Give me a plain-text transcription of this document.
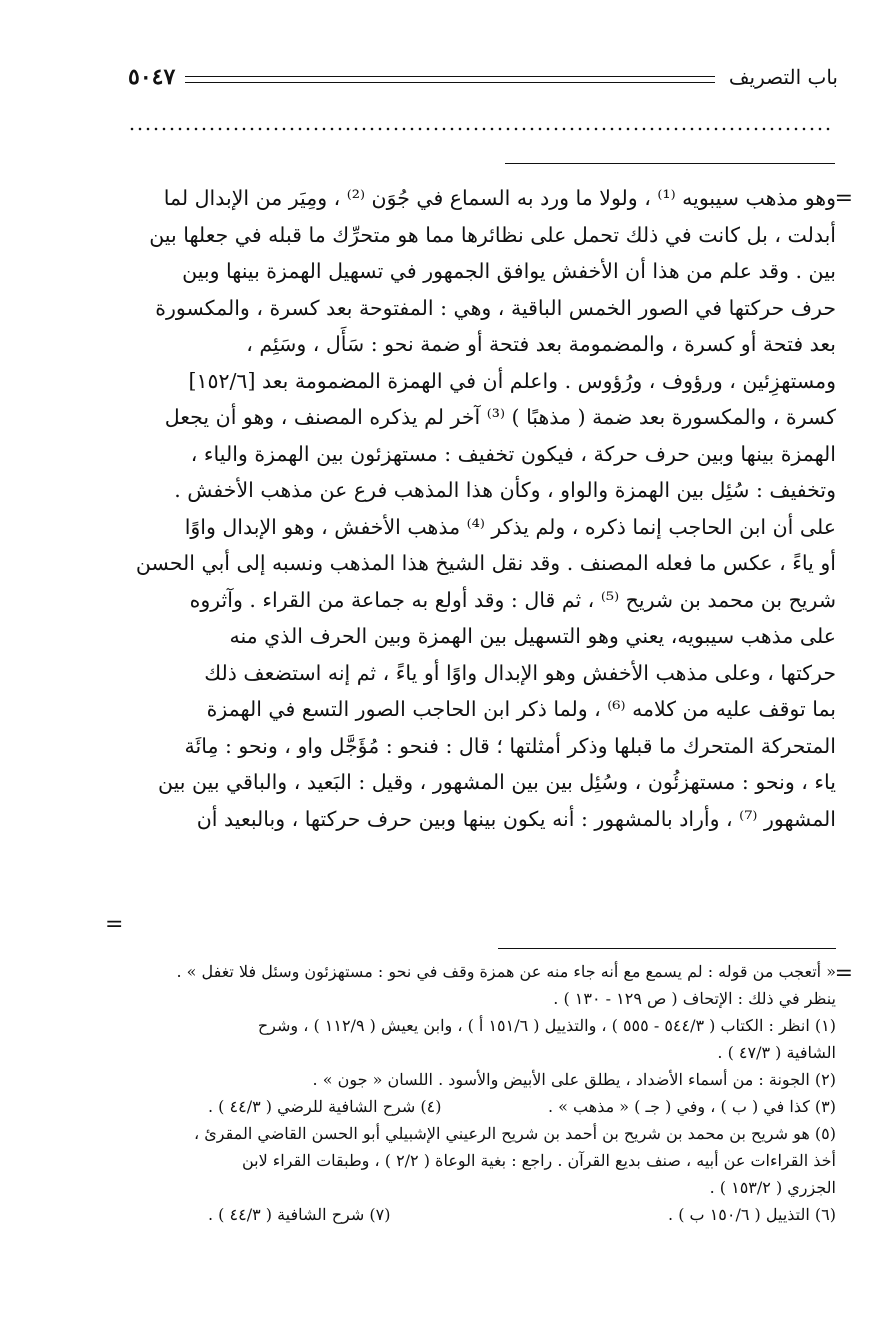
باب التصريف
٥٠٤٧
=

وهو مذهب سيبويه ⁽¹⁾ ، ولولا ما ورد به السماع في جُوَن ⁽²⁾ ، ومِيَر من الإبدال لما

أبدلت ، بل كانت في ذلك تحمل على نظائرها مما هو متحرِّك ما قبله في جعلها بين

بين . وقد علم من هذا أن الأخفش يوافق الجمهور في تسهيل الهمزة بينها وبين

حرف حركتها في الصور الخمس الباقية ، وهي : المفتوحة بعد كسرة ، والمكسورة

بعد فتحة أو كسرة ، والمضمومة بعد فتحة أو ضمة نحو : سَأَل ، وسَئِم ،

ومستهزِئين ، ورؤوف ، ورُؤوس . واعلم أن في الهمزة المضمومة بعد [١٥٢/٦]

كسرة ، والمكسورة بعد ضمة ( مذهبًا ) ⁽³⁾ آخر لم يذكره المصنف ، وهو أن يجعل

الهمزة بينها وبين حرف حركة ، فيكون تخفيف : مستهزئون بين الهمزة والياء ،

وتخفيف : سُئِل بين الهمزة والواو ، وكأن هذا المذهب فرع عن مذهب الأخفش .

على أن ابن الحاجب إنما ذكره ، ولم يذكر ⁽⁴⁾ مذهب الأخفش ، وهو الإبدال واوًا

أو ياءً ، عكس ما فعله المصنف . وقد نقل الشيخ هذا المذهب ونسبه إلى أبي الحسن

شريح بن محمد بن شريح ⁽⁵⁾ ، ثم قال : وقد أولع به جماعة من القراء . وآثروه

على مذهب سيبويه، يعني وهو التسهيل بين الهمزة وبين الحرف الذي منه

حركتها ، وعلى مذهب الأخفش وهو الإبدال واوًا أو ياءً ، ثم إنه استضعف ذلك

بما توقف عليه من كلامه ⁽⁶⁾ ، ولما ذكر ابن الحاجب الصور التسع في الهمزة

المتحركة المتحرك ما قبلها وذكر أمثلتها ؛ قال : فنحو : مُؤَجَّل واو ، ونحو : مِائَة

ياء ، ونحو : مستهزئُون ، وسُئِل بين بين المشهور ، وقيل : البَعيد ، والباقي بين بين

المشهور ⁽⁷⁾ ، وأراد بالمشهور : أنه يكون بينها وبين حرف حركتها ، وبالبعيد أن

=
=

« أتعجب من قوله : لم يسمع مع أنه جاء منه عن همزة وقف في نحو : مستهزئون وسئل فلا تغفل » .

ينظر في ذلك : الإتحاف ( ص ١٢٩ - ١٣٠ ) .

(١) انظر : الكتاب ( ٥٤٤/٣ - ٥٥٥ ) ، والتذييل ( ١٥١/٦ أ ) ، وابن يعيش ( ١١٢/٩ ) ، وشرح

الشافية ( ٤٧/٣ ) .

(٢) الجونة : من أسماء الأضداد ، يطلق على الأبيض والأسود . اللسان « جون » .

(٣) كذا في ( ب ) ، وفي ( جـ ) « مذهب » .
(٤) شرح الشافية للرضي ( ٤٤/٣ ) .

(٥) هو شريح بن محمد بن شريح بن أحمد بن شريح الرعيني الإشبيلي أبو الحسن القاضي المقرئ ،

أخذ القراءات عن أبيه ، صنف بديع القرآن . راجع : بغية الوعاة ( ٢/٢ ) ، وطبقات القراء لابن

الجزري ( ١٥٣/٢ ) .

(٦) التذييل ( ١٥٠/٦ ب ) .
(٧) شرح الشافية ( ٤٤/٣ ) .
